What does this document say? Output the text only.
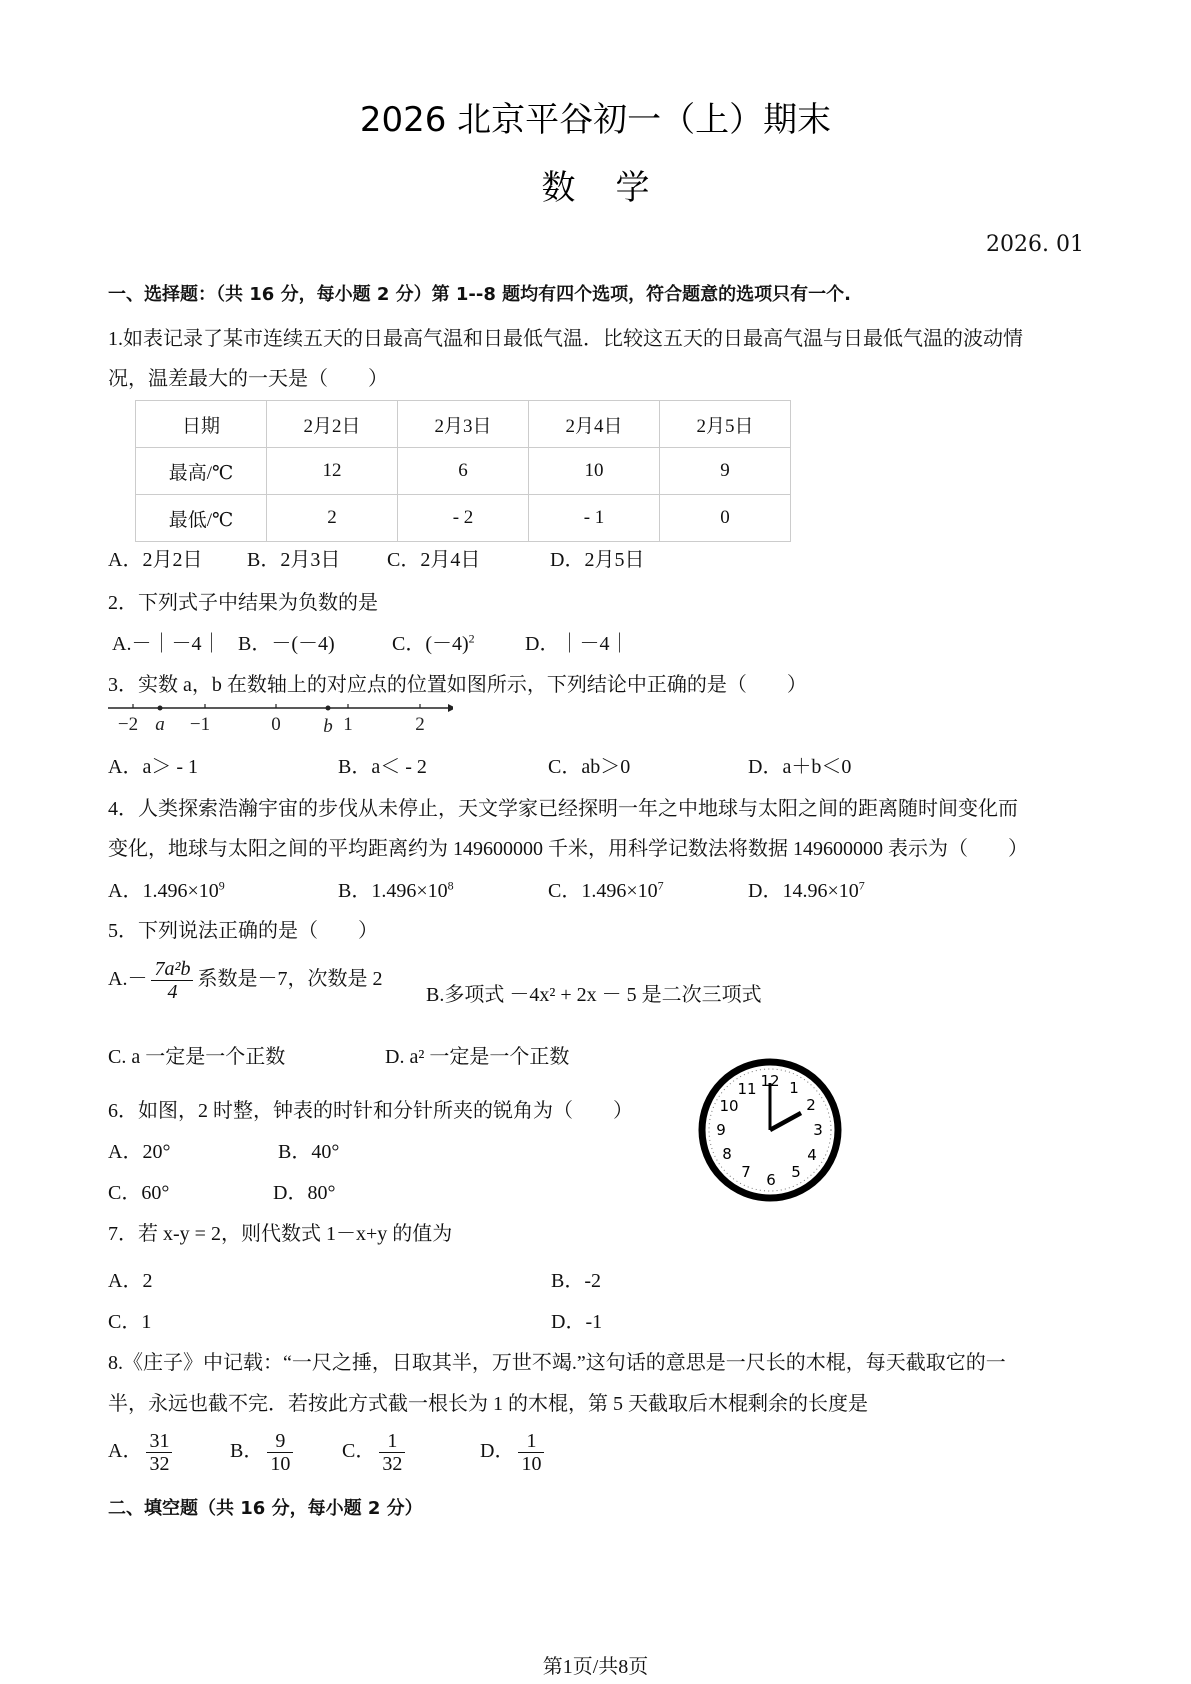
2026 北京平谷初一（上）期末
数学
2026. 01
一、选择题：（共 16 分，每小题 2 分）第 1--8 题均有四个选项，符合题意的选项只有一个.
1.如表记录了某市连续五天的日最高气温和日最低气温．比较这五天的日最高气温与日最低气温的波动情
况，温差最大的一天是（　　）
日期	2月2日	2月3日	2月4日	2月5日
最高/℃	12	6	10	9
最低/℃	2	- 2	- 1	0
A．2月2日 B．2月3日 C．2月4日	D．2月5日
2．下列式子中结果为负数的是
A.－｜－4｜ B．－(－4)	C．$(-4)^2$	D．｜－4｜
3．实数 a，b 在数轴上的对应点的位置如图所示，下列结论中正确的是（　　）
−2 a −1	0 b 1	2
A．a＞ - 1	B．a＜ - 2	C．ab＞0	D．a＋b＜0
4．人类探索浩瀚宇宙的步伐从未停止，天文学家已经探明一年之中地球与太阳之间的距离随时间变化而
变化，地球与太阳之间的平均距离约为 149600000 千米，用科学记数法将数据 149600000 表示为（　　）
A．$1.496\times 10^9$	B．$1.496\times 10^8$	C．$1.496\times 10^7$	D．$14.96\times 10^7$
5．下列说法正确的是（　　）
$A.- \frac{\text{7a²b}}{4}$ 系数是－7，次数是 2
B.多项式 －4x² + 2x － 5 是二次三项式
C. a 一定是一个正数	D. a² 一定是一个正数
6．如图，2 时整，钟表的时针和分针所夹的锐角为（　　）
A．20°	B．40°
C．60°	D．80°
12 1
2
3
4
5
6
7
8
9
10
11
7．若 x-y = 2，则代数式 1－x+y 的值为
A．2	B．-2
C．1	D．-1
8.《庄子》中记载：“一尺之捶，日取其半，万世不竭.”这句话的意思是一尺长的木棍，每天截取它的一
半，永远也截不完．若按此方式截一根长为 1 的木棍，第 5 天截取后木棍剩余的长度是
A． $\frac{31}{32}$	B． $\frac{9}{10}$ C． $\frac{1}{32}$	D． $\frac{1}{10}$
二、填空题（共 16 分，每小题 2 分）
第1页/共8页
